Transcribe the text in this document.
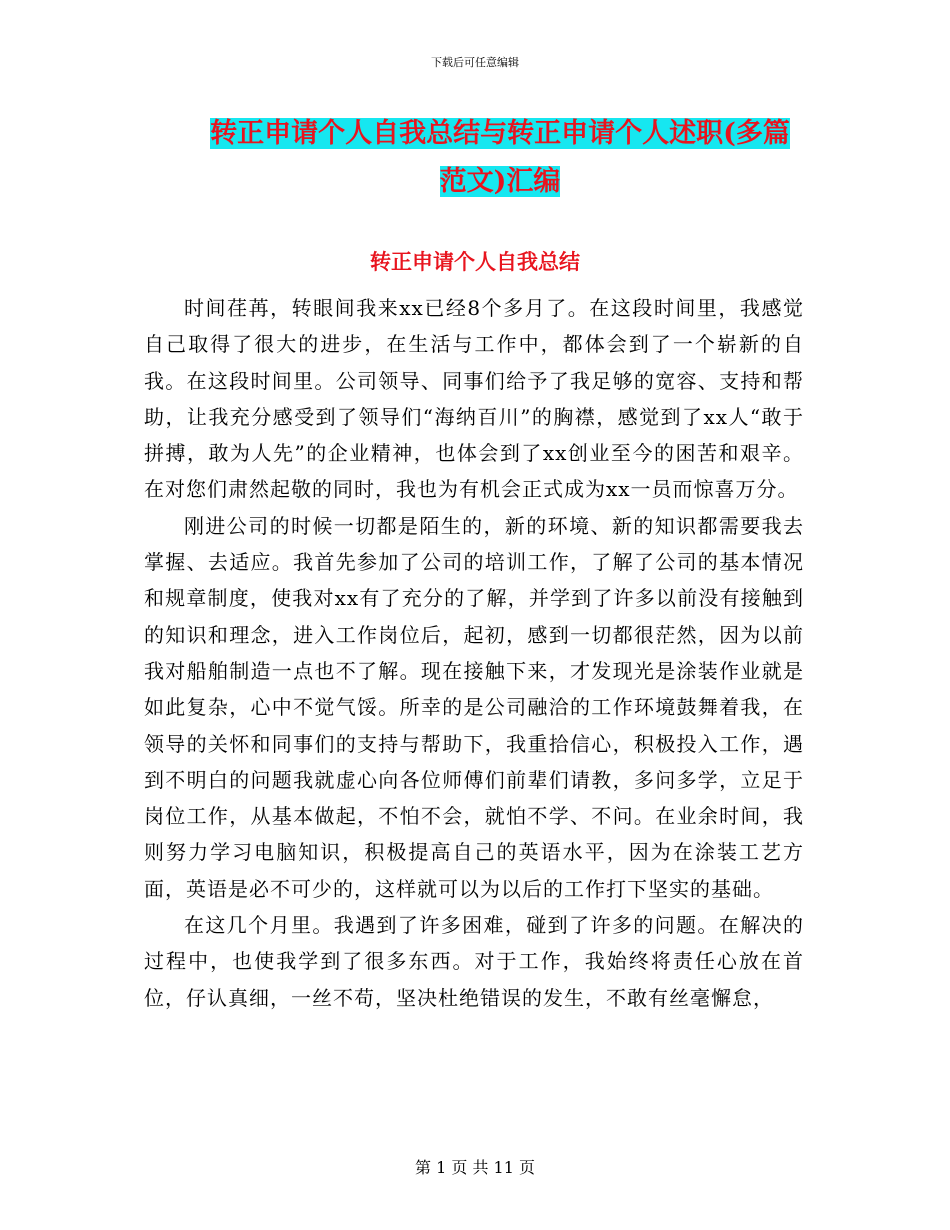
下载后可任意编辑
转正申请个人自我总结与转正申请个人述职(多篇范文)汇编
转正申请个人自我总结

时间荏苒，转眼间我来xx已经8个多月了。在这段时间里，我感觉自己取得了很大的进步，在生活与工作中，都体会到了一个崭新的自我。在这段时间里。公司领导、同事们给予了我足够的宽容、支持和帮助，让我充分感受到了领导们“海纳百川”的胸襟，感觉到了xx人“敢于拼搏，敢为人先”的企业精神，也体会到了xx创业至今的困苦和艰辛。在对您们肃然起敬的同时，我也为有机会正式成为xx一员而惊喜万分。

刚进公司的时候一切都是陌生的，新的环境、新的知识都需要我去掌握、去适应。我首先参加了公司的培训工作，了解了公司的基本情况和规章制度，使我对xx有了充分的了解，并学到了许多以前没有接触到的知识和理念，进入工作岗位后，起初，感到一切都很茫然，因为以前我对船舶制造一点也不了解。现在接触下来，才发现光是涂装作业就是如此复杂，心中不觉气馁。所幸的是公司融洽的工作环境鼓舞着我，在领导的关怀和同事们的支持与帮助下，我重拾信心，积极投入工作，遇到不明白的问题我就虚心向各位师傅们前辈们请教，多问多学，立足于岗位工作，从基本做起，不怕不会，就怕不学、不问。在业余时间，我则努力学习电脑知识，积极提高自己的英语水平，因为在涂装工艺方面，英语是必不可少的，这样就可以为以后的工作打下坚实的基础。

在这几个月里。我遇到了许多困难，碰到了许多的问题。在解决的过程中，也使我学到了很多东西。对于工作，我始终将责任心放在首位，仔认真细，一丝不苟，坚决杜绝错误的发生，不敢有丝毫懈怠，

第 1 页 共 11 页
